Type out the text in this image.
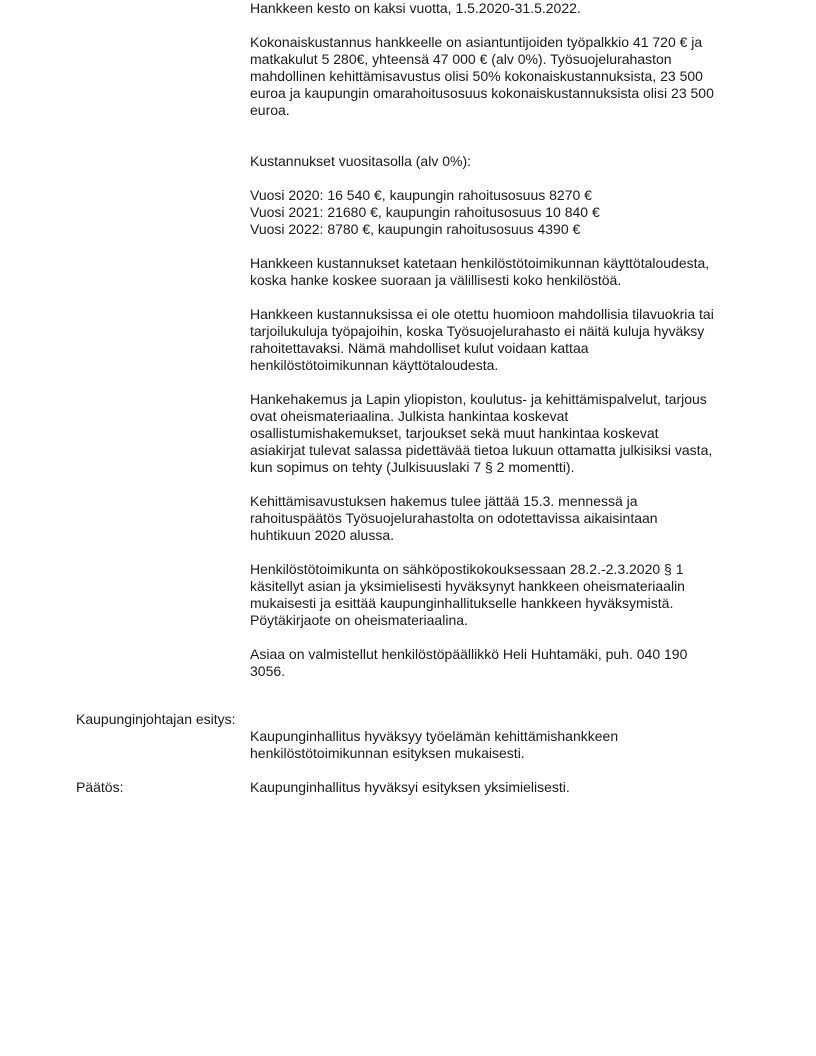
Hankkeen kesto on kaksi vuotta, 1.5.2020-31.5.2022.
Kokonaiskustannus hankkeelle on asiantuntijoiden työpalkkio 41 720 € ja
matkakulut 5 280€, yhteensä 47 000 € (alv 0%). Työsuojelurahaston
mahdollinen kehittämisavustus olisi 50% kokonaiskustannuksista, 23 500
euroa ja kaupungin omarahoitusosuus kokonaiskustannuksista olisi 23 500
euroa.
Kustannukset vuositasolla (alv 0%):
Vuosi 2020: 16 540 €, kaupungin rahoitusosuus 8270 €
Vuosi 2021: 21680 €, kaupungin rahoitusosuus 10 840 €
Vuosi 2022: 8780 €, kaupungin rahoitusosuus 4390 €
Hankkeen kustannukset katetaan henkilöstötoimikunnan käyttötaloudesta,
koska hanke koskee suoraan ja välillisesti koko henkilöstöä.
Hankkeen kustannuksissa ei ole otettu huomioon mahdollisia tilavuokria tai
tarjoilukuluja työpajoihin, koska Työsuojelurahasto ei näitä kuluja hyväksy
rahoitettavaksi. Nämä mahdolliset kulut voidaan kattaa
henkilöstötoimikunnan käyttötaloudesta.
Hankehakemus ja Lapin yliopiston, koulutus- ja kehittämispalvelut, tarjous
ovat oheismateriaalina. Julkista hankintaa koskevat
osallistumishakemukset, tarjoukset sekä muut hankintaa koskevat
asiakirjat tulevat salassa pidettävää tietoa lukuun ottamatta julkisiksi vasta,
kun sopimus on tehty (Julkisuuslaki 7 § 2 momentti).
Kehittämisavustuksen hakemus tulee jättää 15.3. mennessä ja
rahoituspäätös Työsuojelurahastolta on odotettavissa aikaisintaan
huhtikuun 2020 alussa.
Henkilöstötoimikunta on sähköpostikokouksessaan 28.2.-2.3.2020 § 1
käsitellyt asian ja yksimielisesti hyväksynyt hankkeen oheismateriaalin
mukaisesti ja esittää kaupunginhallitukselle hankkeen hyväksymistä.
Pöytäkirjaote on oheismateriaalina.
Asiaa on valmistellut henkilöstöpäällikkö Heli Huhtamäki, puh. 040 190
3056.
Kaupunginjohtajan esitys:
Kaupunginhallitus hyväksyy työelämän kehittämishankkeen
henkilöstötoimikunnan esityksen mukaisesti.
Päätös:	Kaupunginhallitus hyväksyi esityksen yksimielisesti.
